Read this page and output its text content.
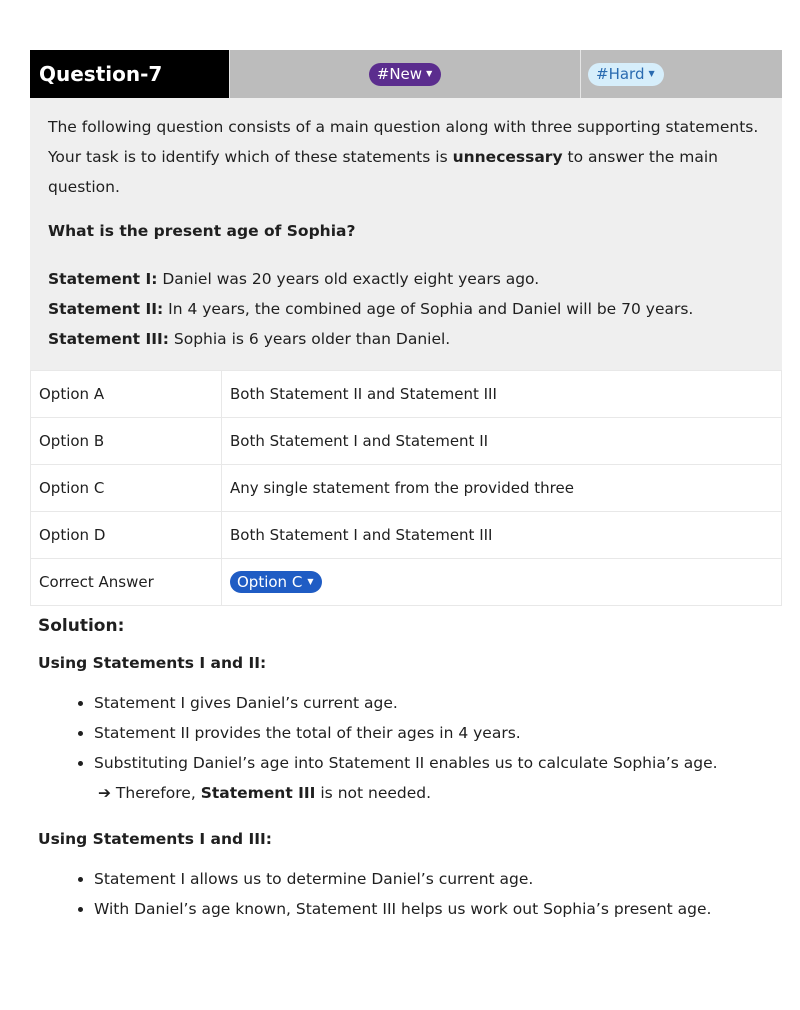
Question-7	#New ▼	#Hard ▼

The following question consists of a main question along with three supporting statements. Your task is to identify which of these statements is unnecessary to answer the main question.

What is the present age of Sophia?

Statement I: Daniel was 20 years old exactly eight years ago.

Statement II: In 4 years, the combined age of Sophia and Daniel will be 70 years.

Statement III: Sophia is 6 years older than Daniel.

Option A	Both Statement II and Statement III
Option B	Both Statement I and Statement II
Option C	Any single statement from the provided three
Option D	Both Statement I and Statement III
Correct Answer	Option C ▼
Solution:
Using Statements I and II:
• Statement I gives Daniel’s current age.
• Statement II provides the total of their ages in 4 years.
• Substituting Daniel’s age into Statement II enables us to calculate Sophia’s age.
➔ Therefore, Statement III is not needed.
Using Statements I and III:
• Statement I allows us to determine Daniel’s current age.
• With Daniel’s age known, Statement III helps us work out Sophia’s present age.
